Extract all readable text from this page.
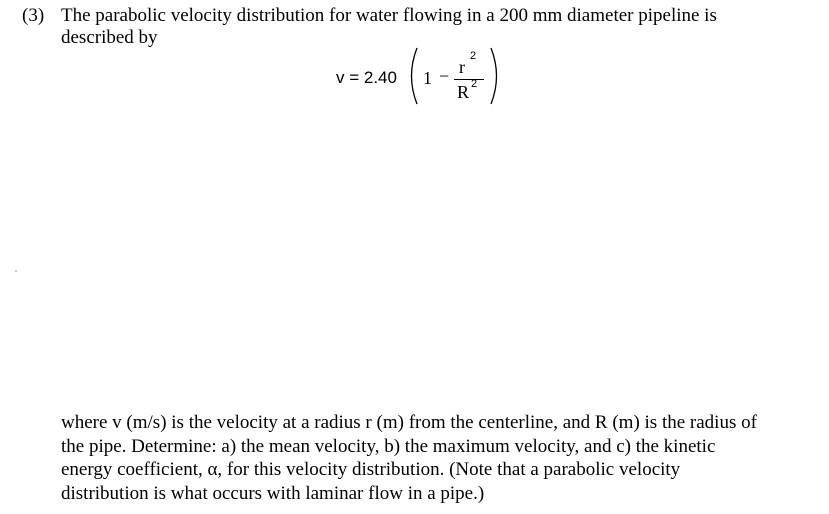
(3) The parabolic velocity distribution for water flowing in a 200 mm diameter pipeline is
described by
v = 2.40 1 − r
2
R 2
where v (m/s) is the velocity at a radius r (m) from the centerline, and R (m) is the radius of
the pipe. Determine: a) the mean velocity, b) the maximum velocity, and c) the kinetic
energy coefficient, α, for this velocity distribution. (Note that a parabolic velocity
distribution is what occurs with laminar flow in a pipe.)
